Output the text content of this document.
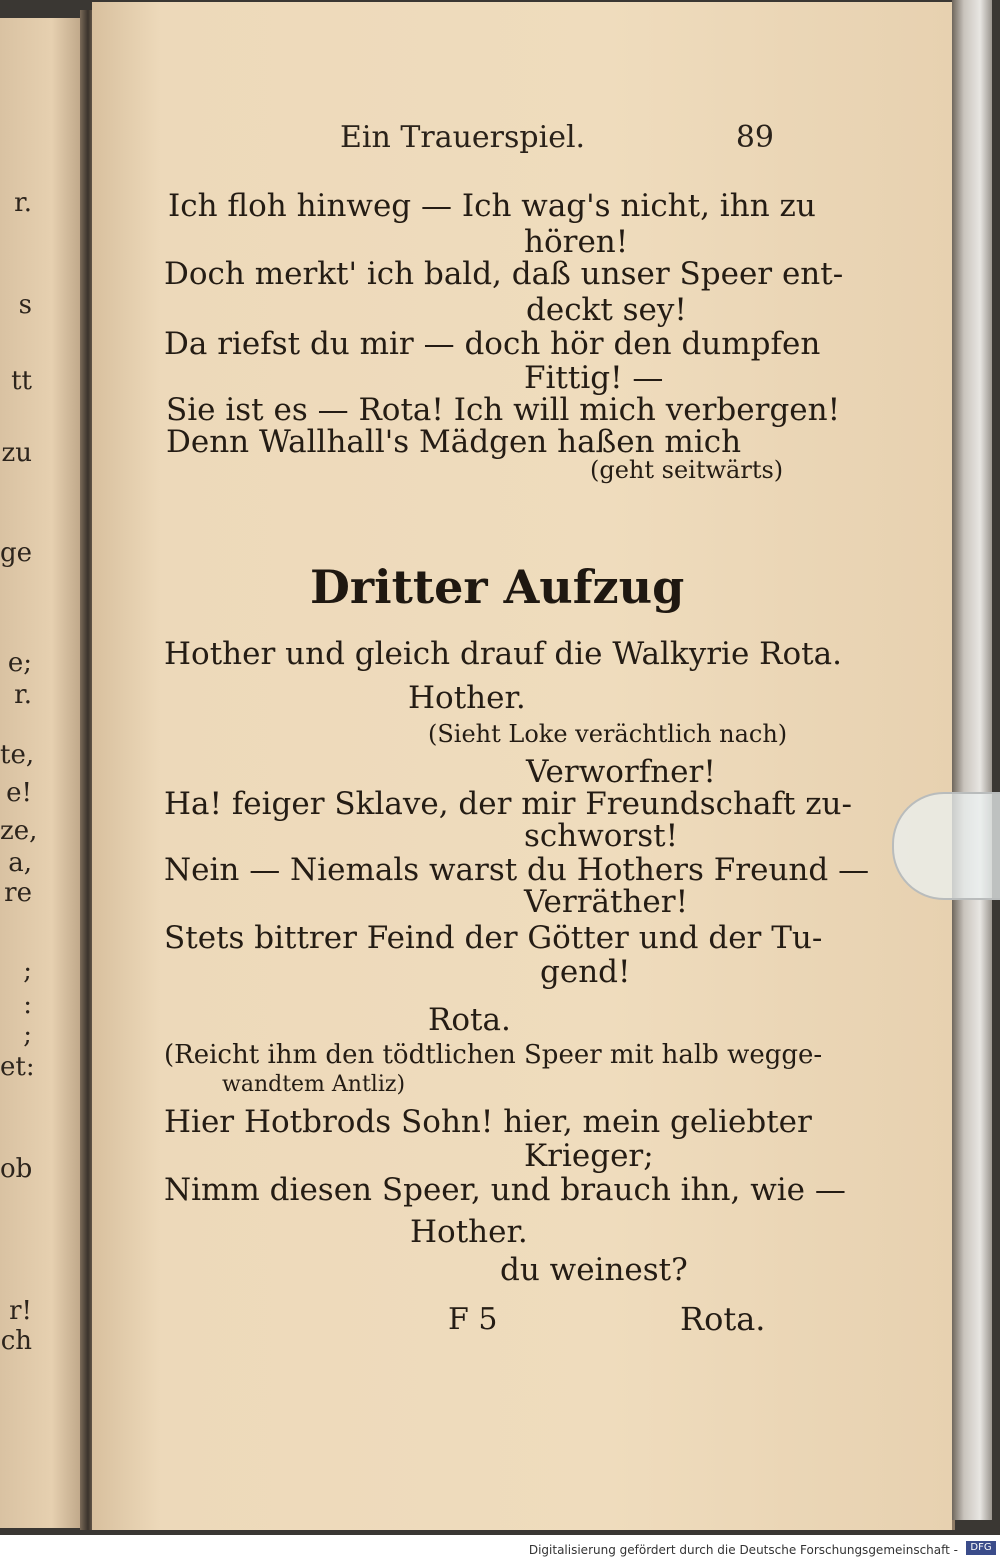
r.
s
tt
zu
ge
e;
r.
te,
e!
ze,
a,
re
;
:
;
et:
ob
r!
ch
Ein Trauerspiel.	89
Ich floh hinweg — Ich wag's nicht, ihn zu
hören!
Doch merkt' ich bald, daß unser Speer ent-
deckt sey!
Da riefst du mir — doch hör den dumpfen
Fittig! —
Sie ist es — Rota! Ich will mich verbergen!
Denn Wallhall's Mädgen haßen mich
(geht seitwärts)
Dritter Aufzug
Hother und gleich drauf die Walkyrie Rota.
Hother.
(Sieht Loke verächtlich nach)
Verworfner!
Ha! feiger Sklave, der mir Freundschaft zu-
schworst!
Nein — Niemals warst du Hothers Freund —
Verräther!
Stets bittrer Feind der Götter und der Tu-
gend!
Rota.
(Reicht ihm den tödtlichen Speer mit halb wegge-
wandtem Antliz)
Hier Hotbrods Sohn! hier, mein geliebter
Krieger;
Nimm diesen Speer, und brauch ihn, wie —
Hother.
du weinest?
F 5	Rota.
Digitalisierung gefördert durch die Deutsche Forschungsgemeinschaft -	DFG
